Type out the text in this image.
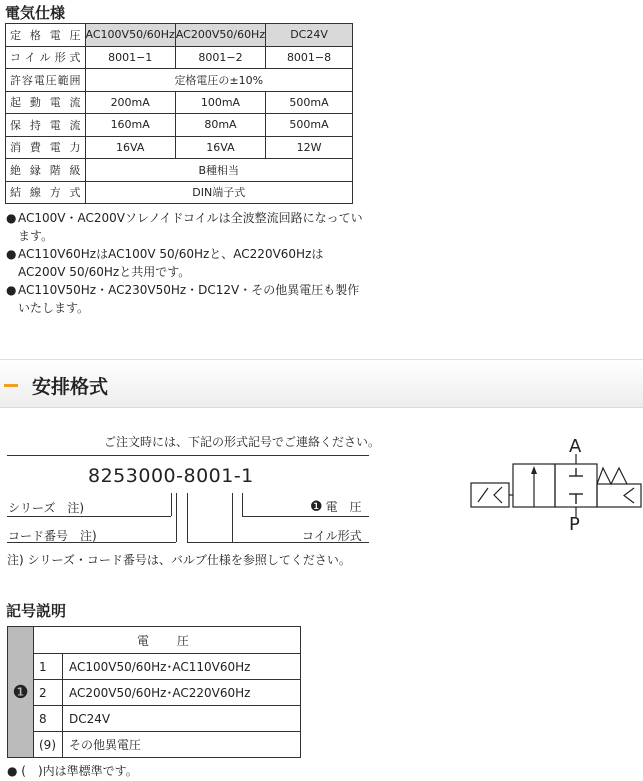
電気仕様
定格電圧	AC100V50/60Hz	AC200V50/60Hz	DC24V
コイル形式	8001−1	8001−2	8001−8
許容電圧範囲	定格電圧の±10%		
起動電流	200mA	100mA	500mA
保持電流	160mA	80mA	500mA
消費電力	16VA	16VA	12W
絶縁階級	B種相当		
結線方式	DIN端子式		
● AC100V・AC200Vソレノイドコイルは全波整流回路になっています。
● AC110V60HzはAC100V 50/60Hzと、AC220V60HzはAC200V 50/60Hzと共用です。
● AC110V50Hz・AC230V50Hz・DC12V・その他異電圧も製作いたします。
安排格式
ご注文時には、下記の形式記号でご連絡ください。
8253000-8001-1
シリーズ　注)	❶ 電　圧
コード番号　注)	コイル形式
注) シリーズ・コード番号は、バルブ仕様を参照してください。
A
P
記号説明
❶	電　圧	
	1	AC100V50/60Hz･AC110V60Hz
	2	AC200V50/60Hz･AC220V60Hz
	8	DC24V
	(9)	その他異電圧
● (　)内は準標準です。
